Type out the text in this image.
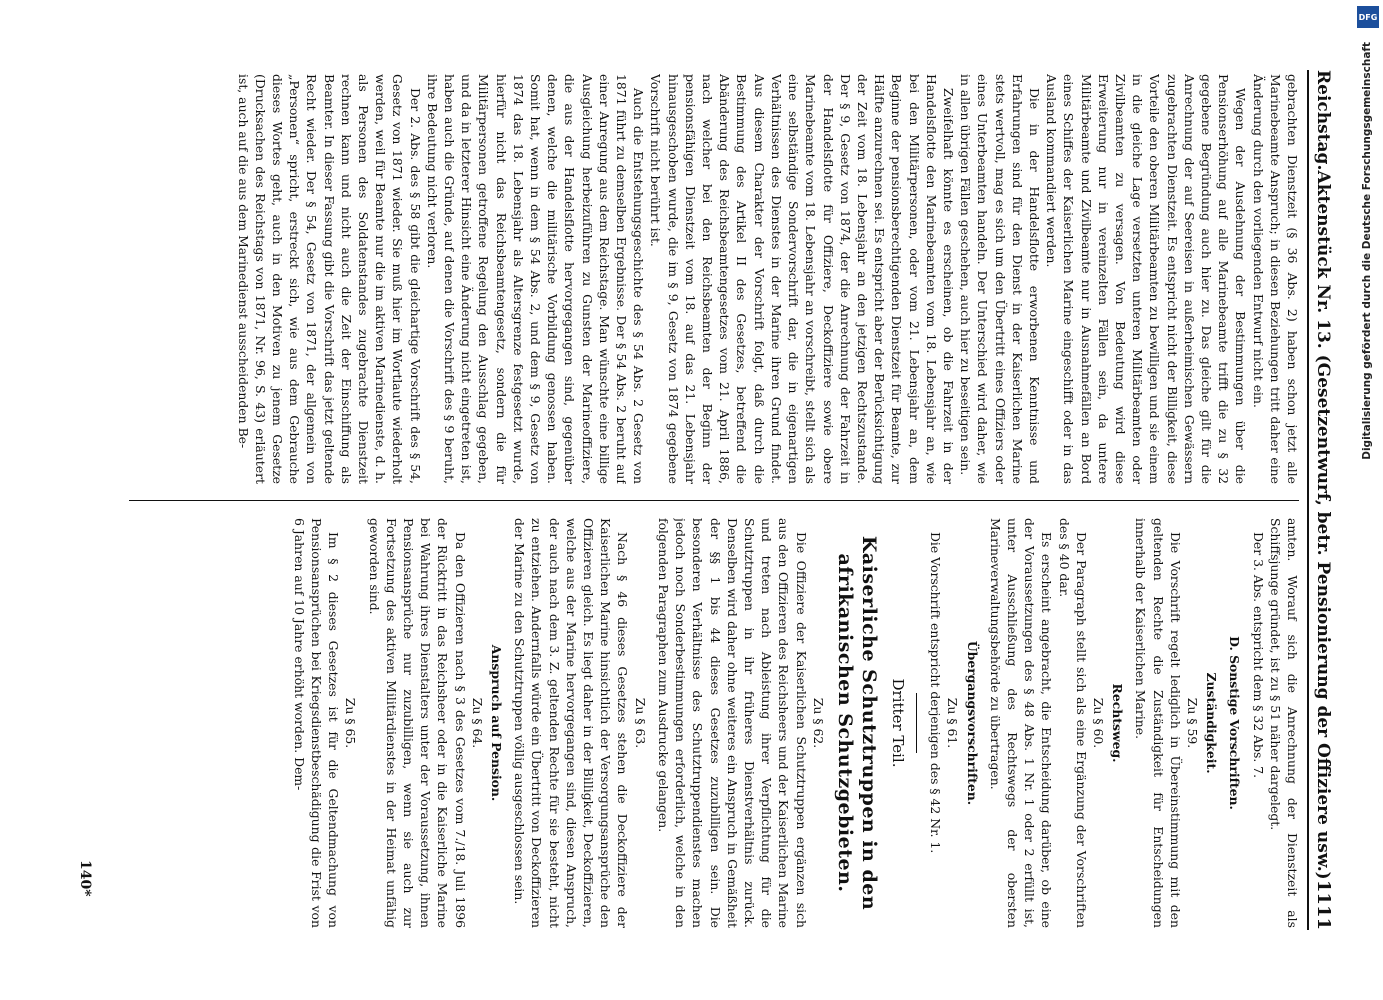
Reichstag.
Aktenstück Nr. 13. (Gesetzentwurf, betr. Pensionierung der Offiziere usw.)
1111

gebrachten Dienstzeit (§ 36 Abs. 2) haben schon jetzt alle Marinebeamte Anspruch; in diesen Beziehungen tritt daher eine Änderung durch den vorliegenden Entwurf nicht ein.

Wegen der Ausdehnung der Bestimmungen über die Pensionserhöhung auf alle Marinebeamte trifft die zu § 32 gegebene Begründung auch hier zu. Das gleiche gilt für die Anrechnung der auf Seereisen in außerheimischen Gewässern zugebrachten Dienstzeit. Es entspricht nicht der Billigkeit, diese Vorteile den oberen Militärbeamten zu bewilligen und sie einem in die gleiche Lage versetzten unteren Militärbeamten oder Zivilbeamten zu versagen. Von Bedeutung wird diese Erweiterung nur in vereinzelten Fällen sein, da untere Militärbeamte und Zivilbeamte nur in Ausnahmefällen an Bord eines Schiffes der Kaiserlichen Marine eingeschifft oder in das Ausland kommandiert werden.

Die in der Handelsflotte erworbenen Kenntnisse und Erfahrungen sind für den Dienst in der Kaiserlichen Marine stets wertvoll, mag es sich um den Übertritt eines Offiziers oder eines Unterbeamten handeln. Der Unterschied wird daher, wie in allen übrigen Fällen geschehen, auch hier zu beseitigen sein.

Zweifelhaft könnte es erscheinen, ob die Fahrzeit in der Handelsflotte den Marinebeamten vom 18. Lebensjahr an, wie bei den Militärpersonen, oder vom 21. Lebensjahr an, dem Beginne der pensionsberechtigenden Dienstzeit für Beamte, zur Hälfte anzurechnen sei. Es entspricht aber der Berücksichtigung der Zeit vom 18. Lebensjahr an den jetzigen Rechtszustande. Der § 9, Gesetz von 1874, der die Anrechnung der Fahrzeit in der Handelsflotte für Offiziere, Deckoffiziere sowie obere Marinebeamte vom 18. Lebensjahr an vorschreibt, stellt sich als eine selbständige Sondervorschrift dar, die in eigenartigen Verhältnissen des Dienstes in der Marine ihren Grund findet. Aus diesem Charakter der Vorschrift folgt, daß durch die Bestimmung des Artikel II des Gesetzes, betreffend die Abänderung des Reichsbeamtengesetzes vom 21. April 1886, nach welcher bei den Reichsbeamten der Beginn der pensionsfähigen Dienstzeit vom 18. auf das 21. Lebensjahr hinausgeschoben wurde, die im § 9, Gesetz von 1874 gegebene Vorschrift nicht berührt ist.

Auch die Entstehungsgeschichte des § 54 Abs. 2 Gesetz von 1871 führt zu demselben Ergebnisse. Der § 54 Abs. 2 beruht auf einer Anregung aus dem Reichstage. Man wünschte eine billige Ausgleichung herbeizuführen zu Gunsten der Marineoffiziere, die aus der Handelsflotte hervorgegangen sind, gegenüber denen, welche die militärische Vorbildung genossen haben. Somit hat, wenn in dem § 54 Abs. 2, und dem § 9, Gesetz von 1874 das 18. Lebensjahr als Altersgrenze festgesetzt wurde, hierfür nicht das Reichsbeamtengesetz, sondern die für Militärpersonen getroffene Regelung den Ausschlag gegeben, und da in letzterer Hinsicht eine Änderung nicht eingetreten ist, haben auch die Gründe, auf denen die Vorschrift des § 9 beruht, ihre Bedeutung nicht verloren.

Der 2. Abs. des § 58 gibt die gleichartige Vorschrift des § 54, Gesetz von 1871 wieder. Sie muß hier im Wortlaute wiederholt werden, weil für Beamte nur die im aktiven Marinedienste, d. h. als Personen des Soldatenstandes zugebrachte Dienstzeit rechnen kann und nicht auch die Zeit der Einschiffung als Beamter. In dieser Fassung gibt die Vorschrift das jetzt geltende Recht wieder. Der § 54, Gesetz von 1871, der allgemein von „Personen“ spricht, erstreckt sich, wie aus dem Gebrauche dieses Wortes geht, auch in den Motiven zu jenem Gesetze (Drucksachen des Reichstags von 1871, Nr. 96, S. 43) erläutert ist, auch auf die aus dem Marinedienst ausscheidenden Be-

amten. Worauf sich die Anrechnung der Dienstzeit als Schiffsjunge gründet, ist zu § 51 näher dargelegt.

Der 3. Abs. entspricht dem § 32 Abs. 7.

D. Sonstige Vorschriften.
Zuständigkeit.
Zu § 59.

Die Vorschrift regelt lediglich in Übereinstimmung mit den geltenden Rechte die Zuständigkeit für Entscheidungen innerhalb der Kaiserlichen Marine.

Rechtsweg.
Zu § 60.

Der Paragraph stellt sich als eine Ergänzung der Vorschriften des § 40 dar.

Es erscheint angebracht, die Entscheidung darüber, ob eine der Voraussetzungen des § 48 Abs. 1 Nr. 1 oder 2 erfüllt ist, unter Ausschließung des Rechtswegs der obersten Marineverwaltungsbehörde zu übertragen.

Übergangsvorschriften.
Zu § 61.

Die Vorschrift entspricht derjenigen des § 42 Nr. 1.

Dritter Teil.
Kaiserliche Schutztruppen in den afrikanischen Schutzgebieten.
Zu § 62.

Die Offiziere der Kaiserlichen Schutztruppen ergänzen sich aus den Offizieren des Reichsheers und der Kaiserlichen Marine und treten nach Ableistung ihrer Verpflichtung für die Schutztruppen in ihr früheres Dienstverhältnis zurück. Denselben wird daher ohne weiteres ein Anspruch in Gemäßheit der §§ 1 bis 44 dieses Gesetzes zuzubilligen sein. Die besonderen Verhältnisse des Schutztruppendienstes machen jedoch noch Sonderbestimmungen erforderlich, welche in den folgenden Paragraphen zum Ausdrucke gelangen.

Zu § 63.

Nach § 46 dieses Gesetzes stehen die Deckoffiziere der Kaiserlichen Marine hinsichtlich der Versorgungsansprüche den Offizieren gleich. Es liegt daher in der Billigkeit, Deckoffizieren, welche aus der Marine hervorgegangen sind, diesen Anspruch, der auch nach dem 3. Z. geltenden Rechte für sie besteht, nicht zu entziehen. Andernfalls würde ein Übertritt von Deckoffizieren der Marine zu den Schutztruppen völlig ausgeschlossen sein.

Anspruch auf Pension.
Zu § 64.

Da den Offizieren nach § 3 des Gesetzes vom 7./18. Juli 1896 der Rücktritt in das Reichsheer oder in die Kaiserliche Marine bei Wahrung ihres Dienstalters unter der Voraussetzung, ihnen Pensionsansprüche nur zuzubilligen, wenn sie auch zur Fortsetzung des aktiven Militärdienstes in der Heimat unfähig geworden sind.

Zu § 65.

Im § 2 dieses Gesetzes ist für die Geltendmachung von Pensionsansprüchen bei Kriegsdienstbeschädigung die Frist von 6 Jahren auf 10 Jahre erhöht worden. Dem-

140*
Digitalisierung gefördert durch die Deutsche Forschungsgemeinschaft
DFG
